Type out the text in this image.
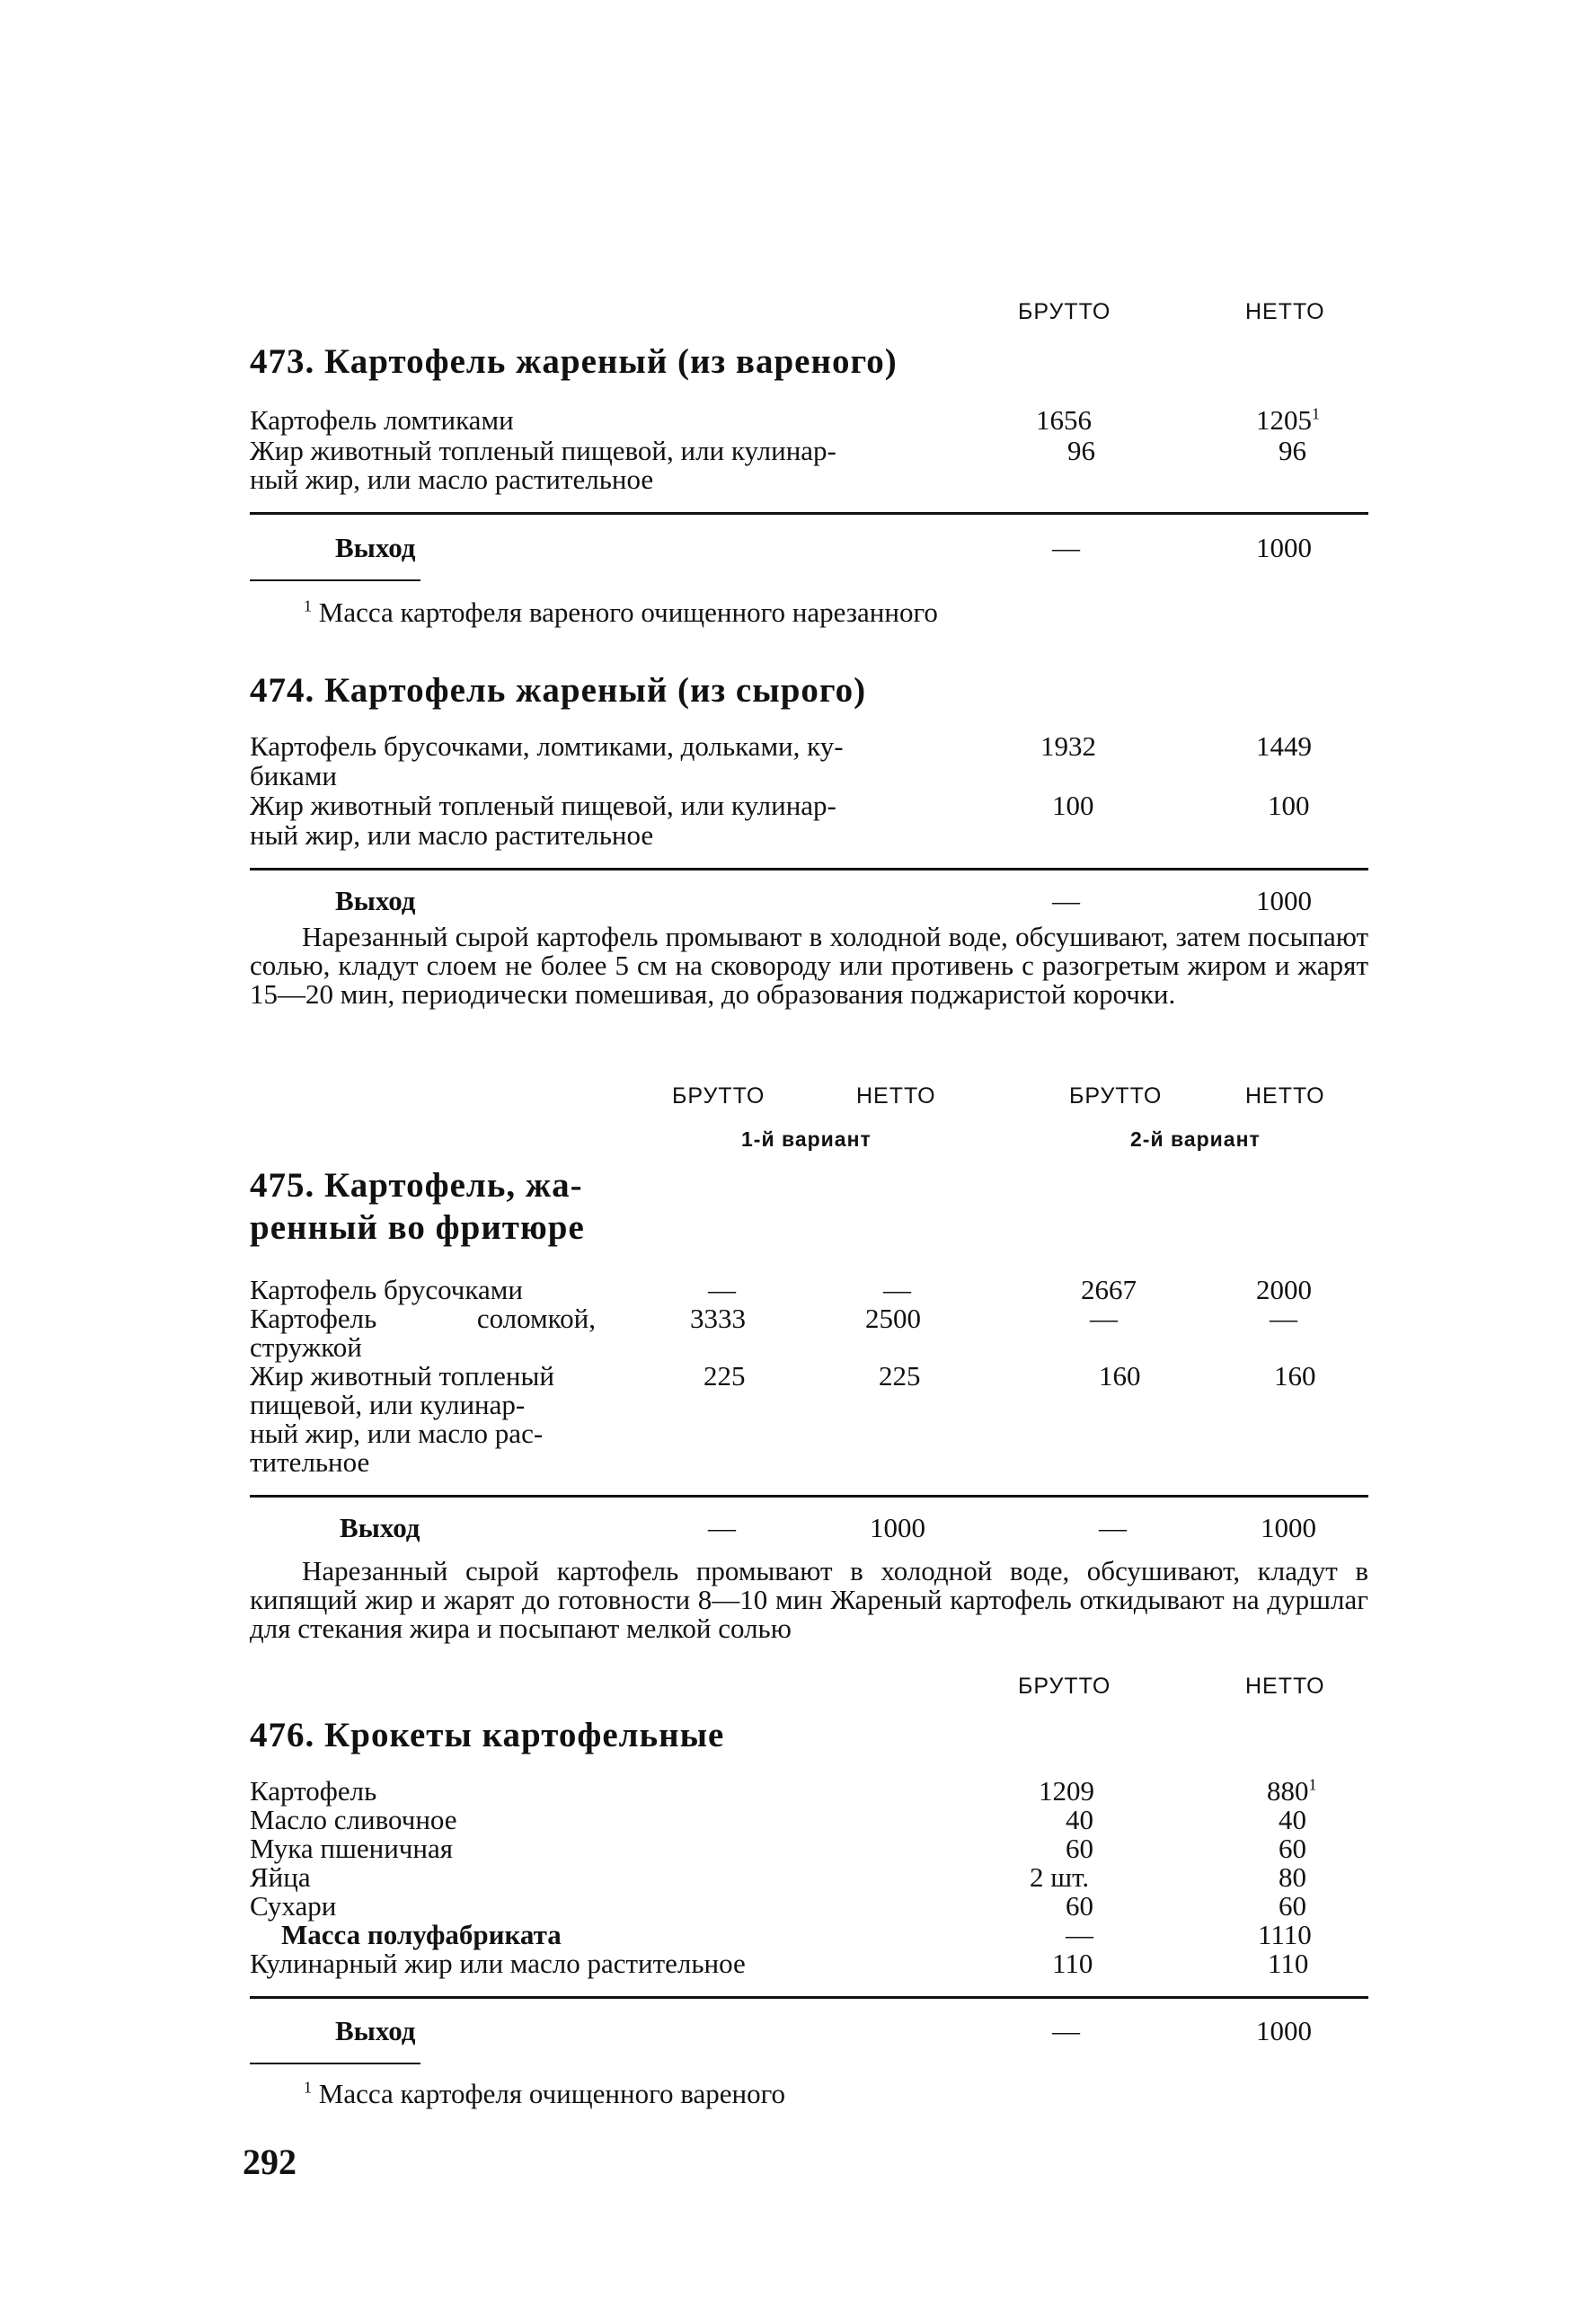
БРУТТО	НЕТТО
473. Картофель жареный (из вареного)
Картофель ломтиками	1656	1205$^1$
Жир животный топленый пищевой, или кулинар-	96	96
ный жир, или масло растительное
Выход	—	1000
$^1$ Масса картофеля вареного очищенного нарезанного
474. Картофель жареный (из сырого)
Картофель брусочками, ломтиками, дольками, ку-	1932	1449
биками
Жир животный топленый пищевой, или кулинар-	100	100
ный жир, или масло растительное
Выход	—	1000
Нарезанный сырой картофель промывают в холодной воде, обсушивают, затем посыпают солью, кладут слоем не более 5 см на сковороду или противень с разогретым жиром и жарят 15—20 мин, периодически помешивая, до образования поджаристой корочки.
БРУТТО	НЕТТО	БРУТТО	НЕТТО
1-й вариант	2-й вариант
475. Картофель, жа-
ренный во фритюре
Картофель брусочками	—	—	2667	2000
Картофель соломкой,	3333	2500	—	—
стружкой
Жир животный топленый	225	225	160	160
пищевой, или кулинар-
ный жир, или масло рас-
тительное
Выход	—	1000	—	1000
Нарезанный сырой картофель промывают в холодной воде, обсушивают, кладут в кипящий жир и жарят до готовности 8—10 мин Жареный картофель откидывают на дуршлаг для стекания жира и посыпают мелкой солью
БРУТТО	НЕТТО
476. Крокеты картофельные
Картофель	1209	$880^1$
Масло сливочное	40	40
Мука пшеничная	60	60
Яйца	2 шт.	80
Сухари	60	60
Масса полуфабриката	—	1110
Кулинарный жир или масло растительное	110	110
Выход	—	1000
$^1$ Масса картофеля очищенного вареного
292
